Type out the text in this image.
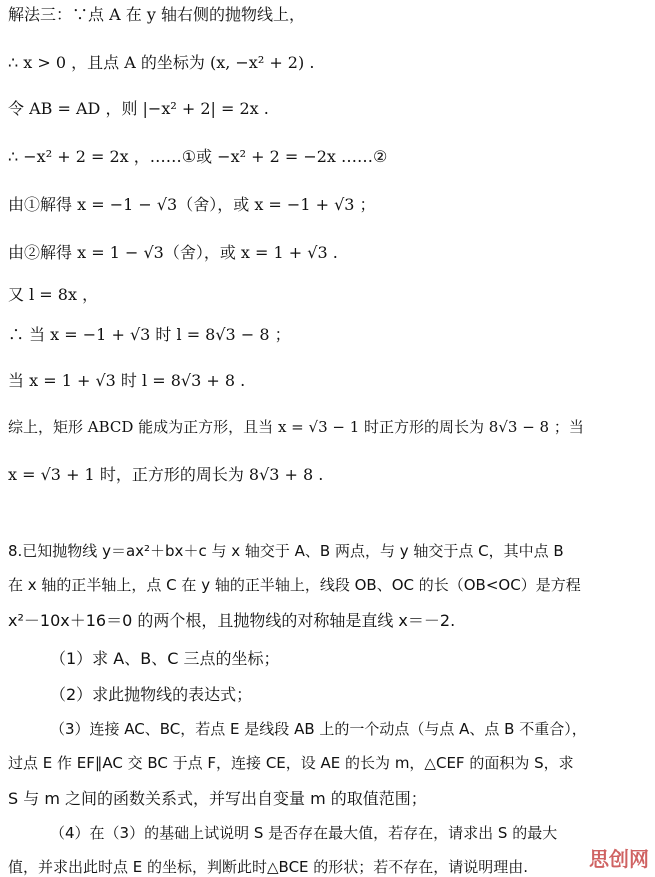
解法三：∵点 A 在 y 轴右侧的抛物线上，
∴ x > 0 ，且点 A 的坐标为 (x, −x² + 2) .
令 AB = AD ，则 |−x² + 2| = 2x .
∴ −x² + 2 = 2x ，……①或 −x² + 2 = −2x ……②
由①解得 x = −1 − √3（舍），或 x = −1 + √3 ；
由②解得 x = 1 − √3（舍），或 x = 1 + √3 .
又 l = 8x ，
∴ 当 x = −1 + √3 时 l = 8√3 − 8 ；
当 x = 1 + √3 时 l = 8√3 + 8 .
综上，矩形 ABCD 能成为正方形，且当 x = √3 − 1 时正方形的周长为 8√3 − 8 ；当
x = √3 + 1 时，正方形的周长为 8√3 + 8 .
8.已知抛物线 y＝ax²＋bx＋c 与 x 轴交于 A、B 两点，与 y 轴交于点 C，其中点 B
在 x 轴的正半轴上，点 C 在 y 轴的正半轴上，线段 OB、OC 的长（OB<OC）是方程
x²－10x＋16＝0 的两个根，且抛物线的对称轴是直线 x＝－2.
（1）求 A、B、C 三点的坐标；
（2）求此抛物线的表达式；
（3）连接 AC、BC，若点 E 是线段 AB 上的一个动点（与点 A、点 B 不重合），
过点 E 作 EF∥AC 交 BC 于点 F，连接 CE，设 AE 的长为 m，△CEF 的面积为 S，求
S 与 m 之间的函数关系式，并写出自变量 m 的取值范围；
（4）在（3）的基础上试说明 S 是否存在最大值，若存在，请求出 S 的最大
值，并求出此时点 E 的坐标，判断此时△BCE 的形状；若不存在，请说明理由.	思创网
